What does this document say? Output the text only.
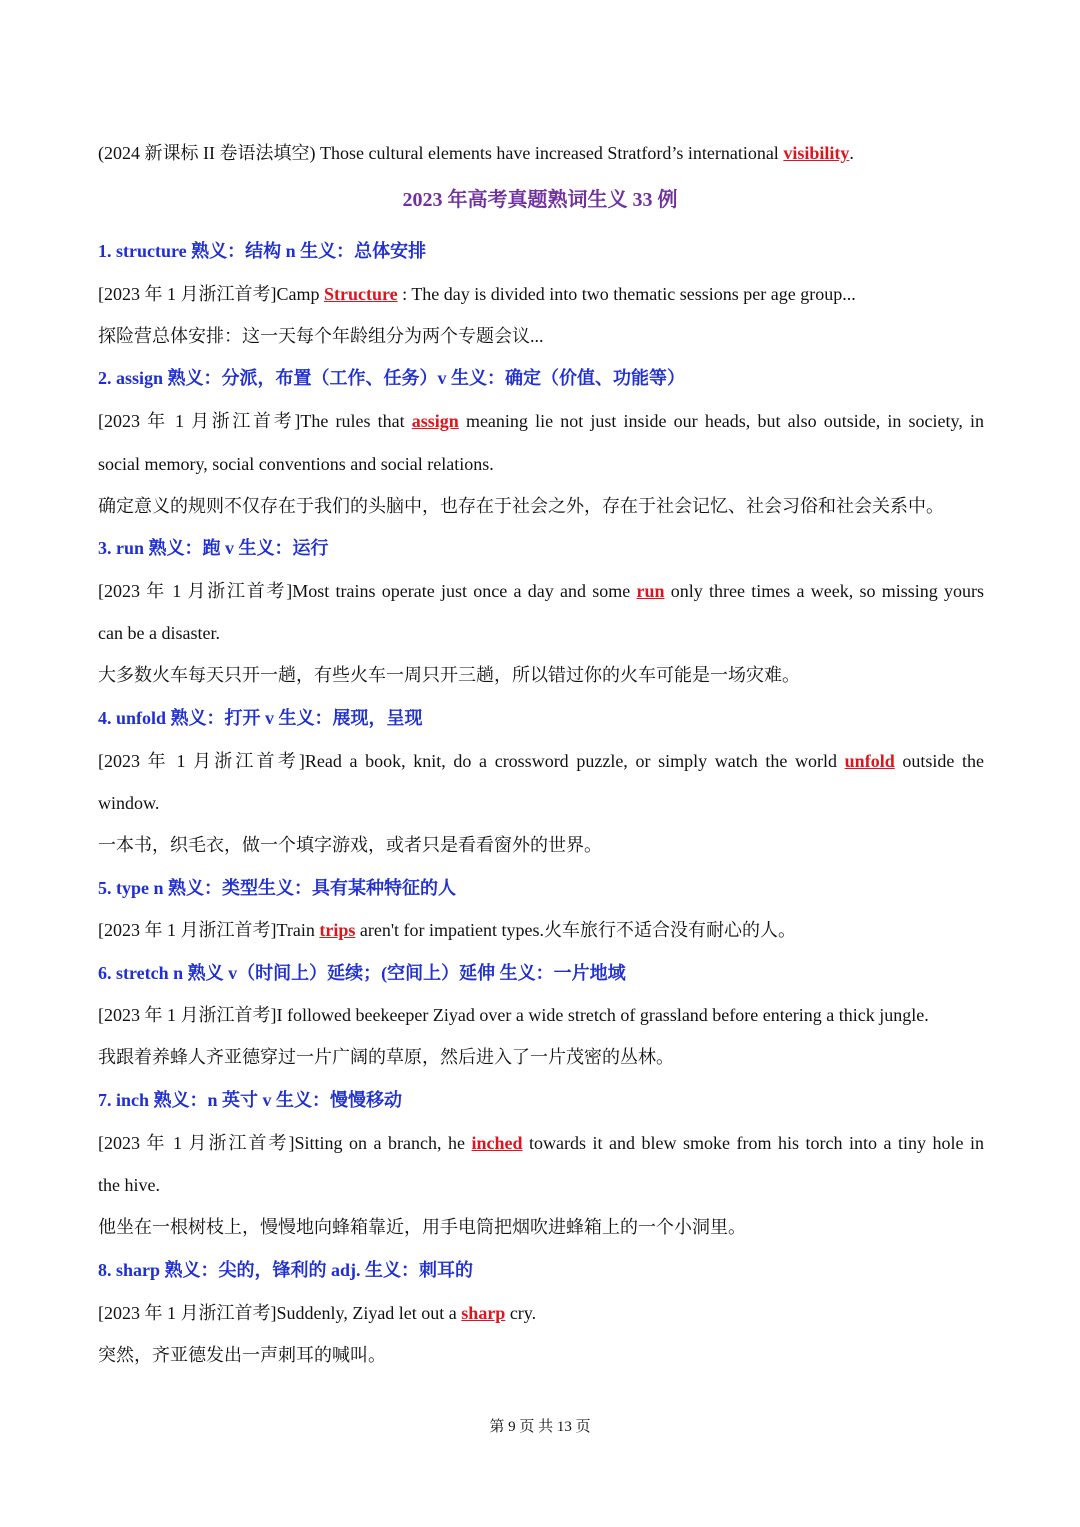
(2024 新课标 II 卷语法填空) Those cultural elements have increased Stratford’s international visibility.
2023 年高考真题熟词生义 33 例
1. structure 熟义：结构 n 生义：总体安排
[2023 年 1 月浙江首考]Camp Structure : The day is divided into two thematic sessions per age group...
探险营总体安排：这一天每个年龄组分为两个专题会议...
2. assign 熟义：分派，布置（工作、任务）v 生义：确定（价值、功能等）
[2023 年 1 月浙江首考]The rules that assign meaning lie not just inside our heads, but also outside, in society, in
social memory, social conventions and social relations.
确定意义的规则不仅存在于我们的头脑中，也存在于社会之外，存在于社会记忆、社会习俗和社会关系中。
3. run 熟义：跑 v 生义：运行
[2023 年 1 月浙江首考]Most trains operate just once a day and some run only three times a week, so missing yours
can be a disaster.
大多数火车每天只开一趟，有些火车一周只开三趟，所以错过你的火车可能是一场灾难。
4. unfold 熟义：打开 v 生义：展现，呈现
[2023 年 1 月浙江首考]Read a book, knit, do a crossword puzzle, or simply watch the world unfold outside the
window.
一本书，织毛衣，做一个填字游戏，或者只是看看窗外的世界。
5. type n 熟义：类型生义：具有某种特征的人
[2023 年 1 月浙江首考]Train trips aren't for impatient types.火车旅行不适合没有耐心的人。
6. stretch n 熟义 v（时间上）延续；(空间上）延伸 生义：一片地域
[2023 年 1 月浙江首考]I followed beekeeper Ziyad over a wide stretch of grassland before entering a thick jungle.
我跟着养蜂人齐亚德穿过一片广阔的草原，然后进入了一片茂密的丛林。
7. inch 熟义：n 英寸 v 生义：慢慢移动
[2023 年 1 月浙江首考]Sitting on a branch, he inched towards it and blew smoke from his torch into a tiny hole in
the hive.
他坐在一根树枝上，慢慢地向蜂箱靠近，用手电筒把烟吹进蜂箱上的一个小洞里。
8. sharp 熟义：尖的，锋利的 adj. 生义：刺耳的
[2023 年 1 月浙江首考]Suddenly, Ziyad let out a sharp cry.
突然，齐亚德发出一声刺耳的喊叫。
第 9 页 共 13 页
